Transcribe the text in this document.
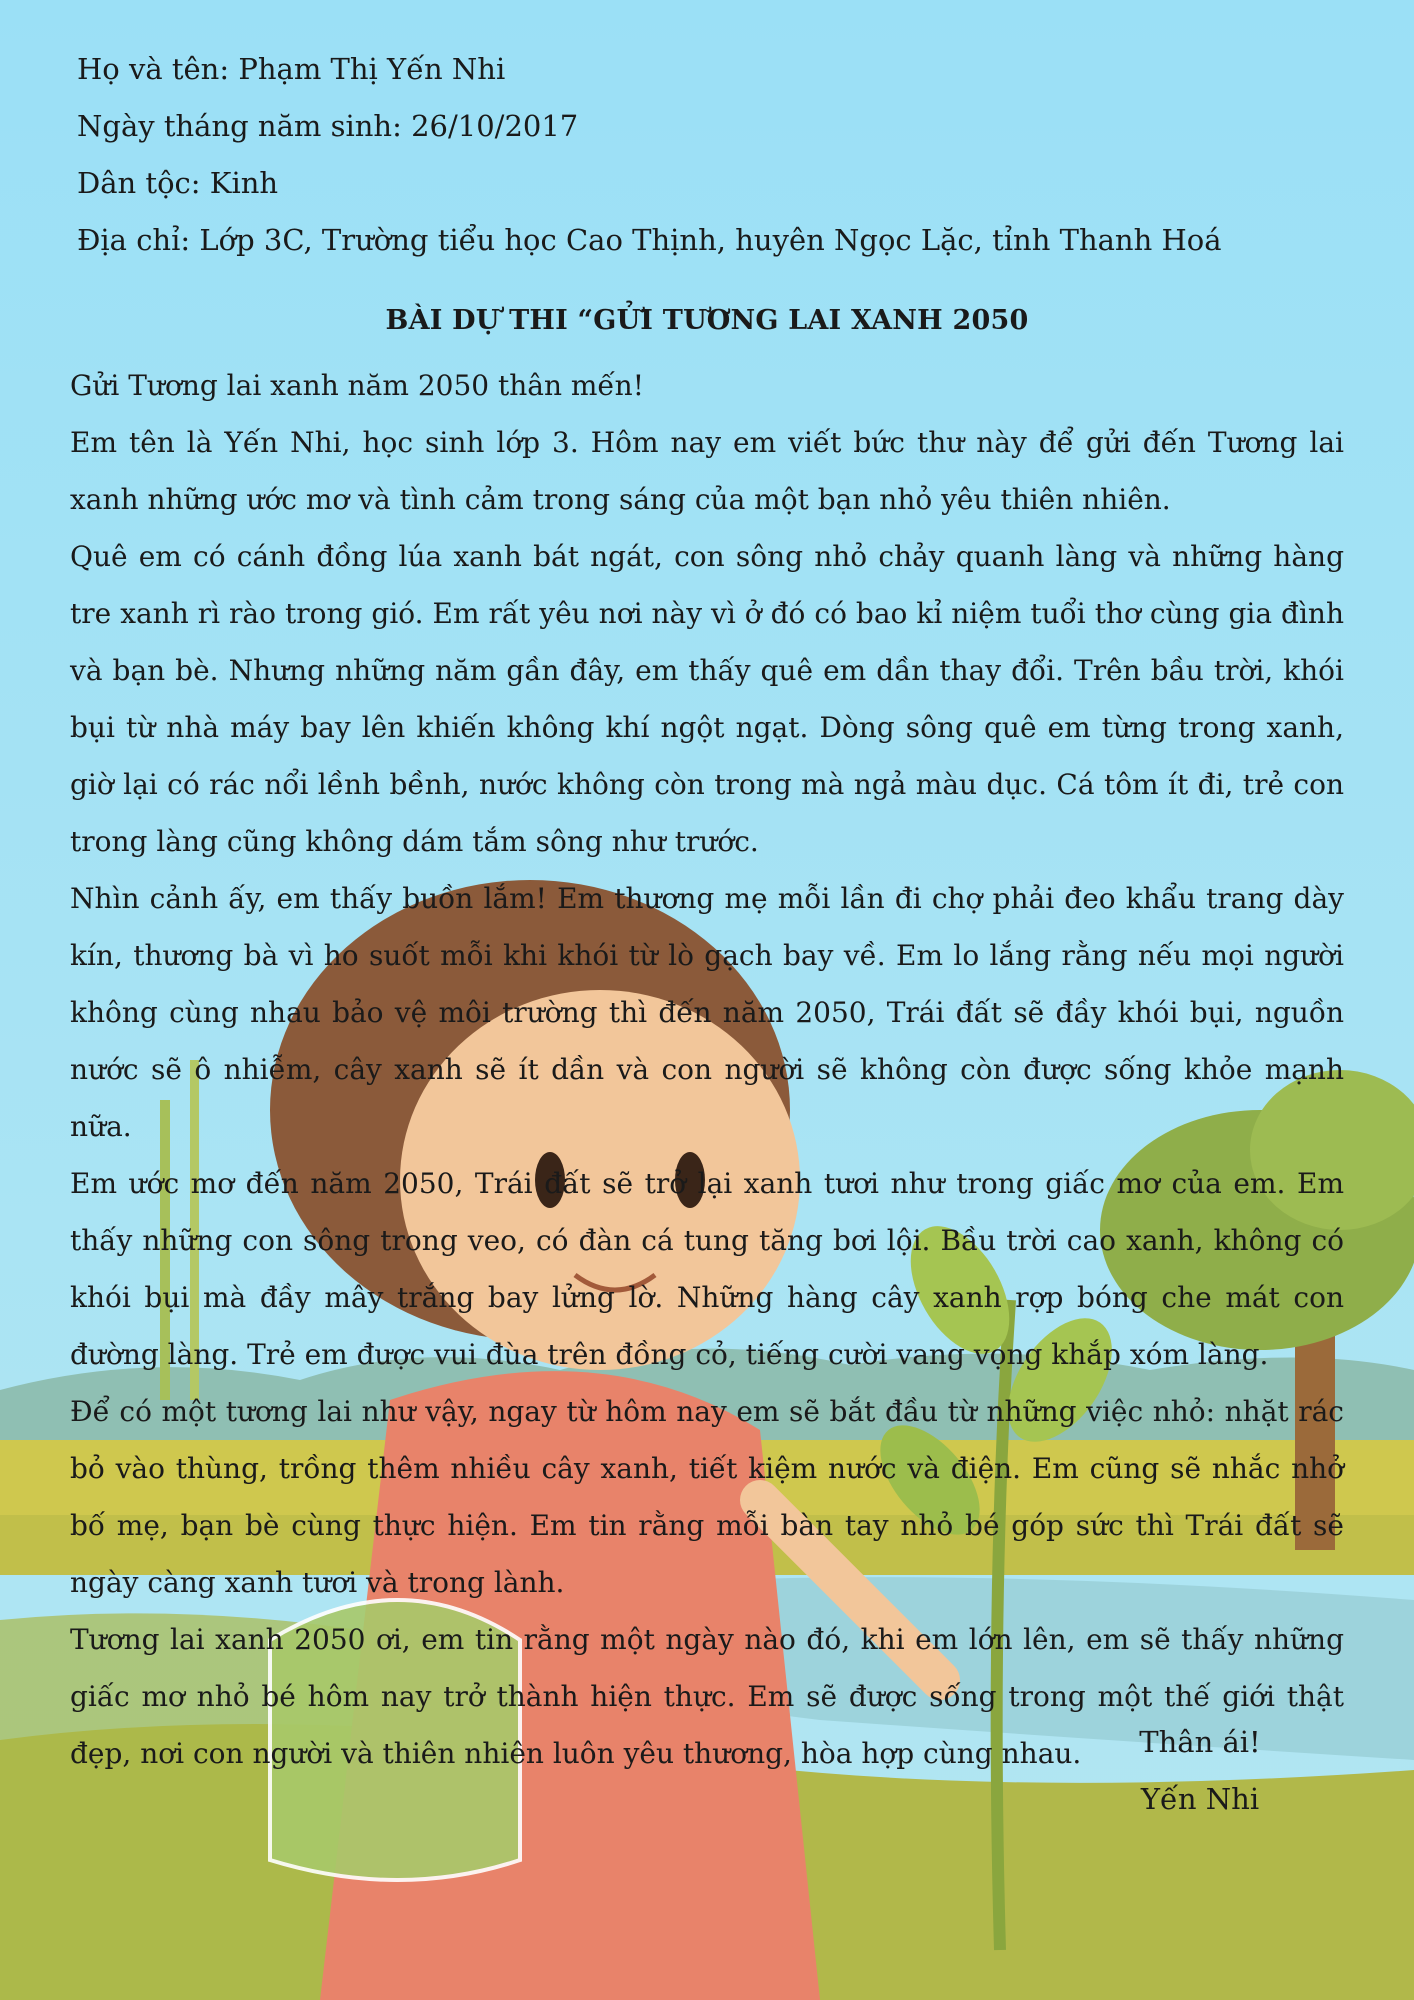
Họ và tên: Phạm Thị Yến Nhi
Ngày tháng năm sinh: 26/10/2017
Dân tộc: Kinh
Địa chỉ: Lớp 3C, Trường tiểu học Cao Thịnh, huyên Ngọc Lặc, tỉnh Thanh Hoá
BÀI DỰ THI “GỬI TƯƠNG LAI XANH 2050

Gửi Tương lai xanh năm 2050 thân mến!

Em tên là Yến Nhi, học sinh lớp 3. Hôm nay em viết bức thư này để gửi đến Tương lai xanh những ước mơ và tình cảm trong sáng của một bạn nhỏ yêu thiên nhiên.

Quê em có cánh đồng lúa xanh bát ngát, con sông nhỏ chảy quanh làng và những hàng tre xanh rì rào trong gió. Em rất yêu nơi này vì ở đó có bao kỉ niệm tuổi thơ cùng gia đình và bạn bè. Nhưng những năm gần đây, em thấy quê em dần thay đổi. Trên bầu trời, khói bụi từ nhà máy bay lên khiến không khí ngột ngạt. Dòng sông quê em từng trong xanh, giờ lại có rác nổi lềnh bềnh, nước không còn trong mà ngả màu dục. Cá tôm ít đi, trẻ con trong làng cũng không dám tắm sông như trước.

Nhìn cảnh ấy, em thấy buồn lắm! Em thương mẹ mỗi lần đi chợ phải đeo khẩu trang dày kín, thương bà vì ho suốt mỗi khi khói từ lò gạch bay về. Em lo lắng rằng nếu mọi người không cùng nhau bảo vệ môi trường thì đến năm 2050, Trái đất sẽ đầy khói bụi, nguồn nước sẽ ô nhiễm, cây xanh sẽ ít dần và con người sẽ không còn được sống khỏe mạnh nữa.

Em ước mơ đến năm 2050, Trái đất sẽ trở lại xanh tươi như trong giấc mơ của em. Em thấy những con sông trong veo, có đàn cá tung tăng bơi lội. Bầu trời cao xanh, không có khói bụi mà đầy mây trắng bay lửng lờ. Những hàng cây xanh rợp bóng che mát con đường làng. Trẻ em được vui đùa trên đồng cỏ, tiếng cười vang vọng khắp xóm làng.

Để có một tương lai như vậy, ngay từ hôm nay em sẽ bắt đầu từ những việc nhỏ: nhặt rác bỏ vào thùng, trồng thêm nhiều cây xanh, tiết kiệm nước và điện. Em cũng sẽ nhắc nhở bố mẹ, bạn bè cùng thực hiện. Em tin rằng mỗi bàn tay nhỏ bé góp sức thì Trái đất sẽ ngày càng xanh tươi và trong lành.

Tương lai xanh 2050 ơi, em tin rằng một ngày nào đó, khi em lớn lên, em sẽ thấy những giấc mơ nhỏ bé hôm nay trở thành hiện thực. Em sẽ được sống trong một thế giới thật đẹp, nơi con người và thiên nhiên luôn yêu thương, hòa hợp cùng nhau.	Thân ái!
Yến Nhi
